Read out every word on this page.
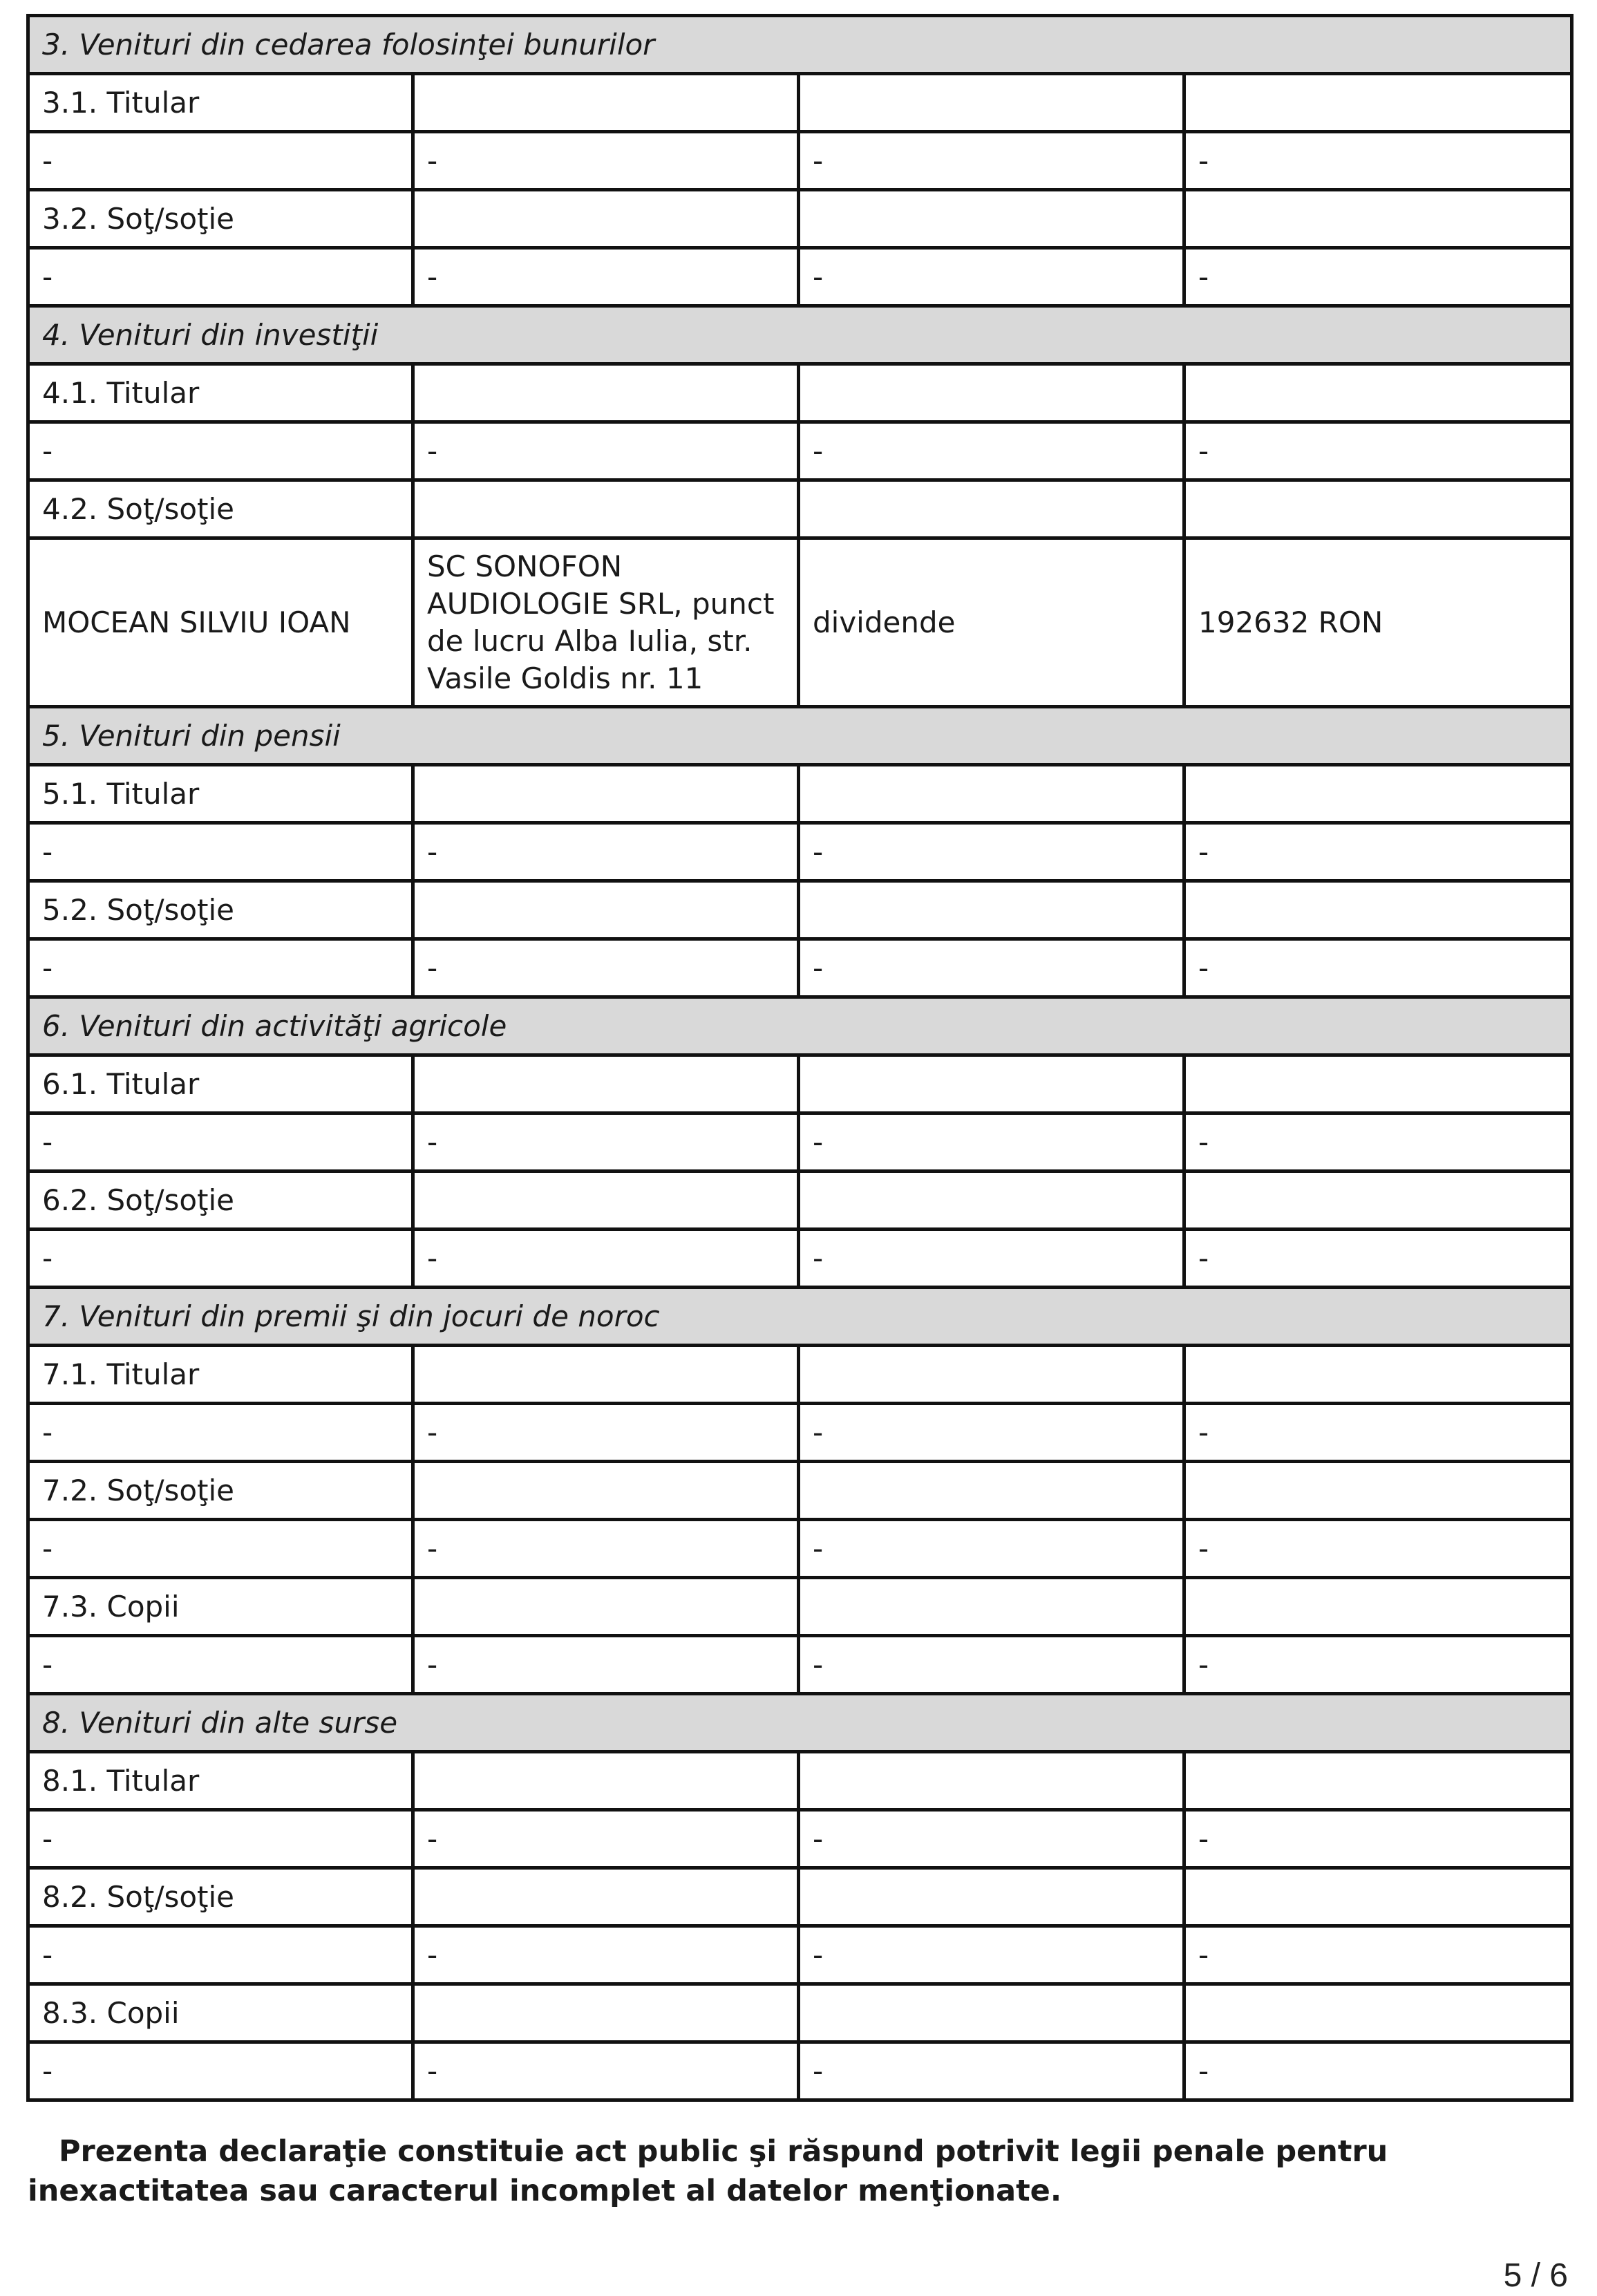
3. Venituri din cedarea folosinţei bunurilor			
3.1. Titular			
-	-	-	-
3.2. Soţ/soţie			
-	-	-	-
4. Venituri din investiţii			
4.1. Titular			
-	-	-	-
4.2. Soţ/soţie			
MOCEAN SILVIU IOAN	SC SONOFON AUDIOLOGIE SRL, punct de lucru Alba Iulia, str. Vasile Goldis nr. 11	dividende	192632 RON
5. Venituri din pensii			
5.1. Titular			
-	-	-	-
5.2. Soţ/soţie			
-	-	-	-
6. Venituri din activităţi agricole			
6.1. Titular			
-	-	-	-
6.2. Soţ/soţie			
-	-	-	-
7. Venituri din premii şi din jocuri de noroc			
7.1. Titular			
-	-	-	-
7.2. Soţ/soţie			
-	-	-	-
7.3. Copii			
-	-	-	-
8. Venituri din alte surse			
8.1. Titular			
-	-	-	-
8.2. Soţ/soţie			
-	-	-	-
8.3. Copii			
-	-	-	-

Prezenta declaraţie constituie act public şi răspund potrivit legii penale pentru inexactitatea sau caracterul incomplet al datelor menţionate.

5 / 6
